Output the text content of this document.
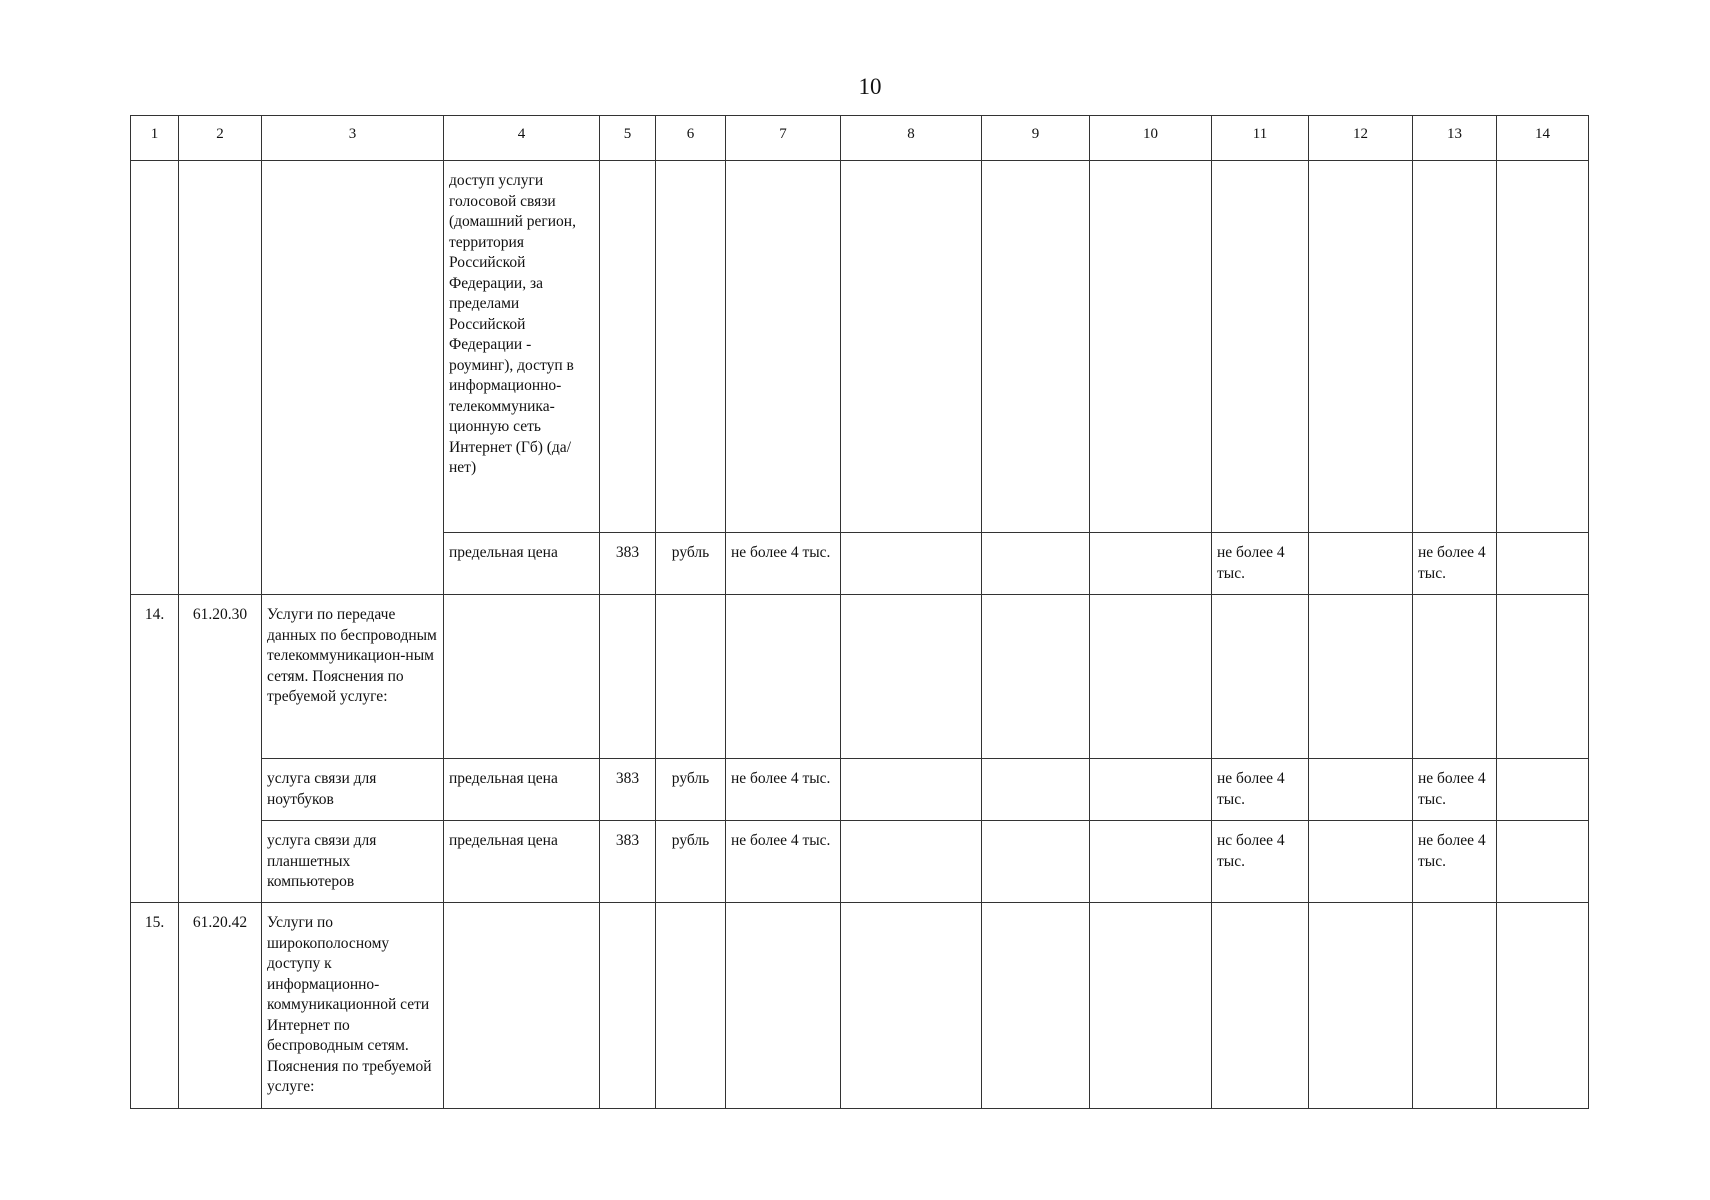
10
1	2	3	4	5	6	7	8	9	10	11	12	13	14
			доступ услуги голосовой связи (домашний регион, территория Российской Федерации, за пределами Российской Федерации - роуминг), доступ в информационно-телекоммуника-ционную сеть Интернет (Гб) (да/нет)										
			предельная цена	383	рубль	не более 4 тыс.				не более 4 тыс.		не более 4 тыс.	
14.	61.20.30	Услуги по передаче данных по беспроводным телекоммуникацион-ным сетям. Пояснения по требуемой услуге:											
		услуга связи для ноутбуков	предельная цена	383	рубль	не более 4 тыс.				не более 4 тыс.		не более 4 тыс.	
		услуга связи для планшетных компьютеров	предельная цена	383	рубль	не более 4 тыс.				нс более 4 тыс.		не более 4 тыс.	
15.	61.20.42	Услуги по широкополосному доступу к информационно-коммуникационной сети Интернет по беспроводным сетям. Пояснения по требуемой услуге:											
